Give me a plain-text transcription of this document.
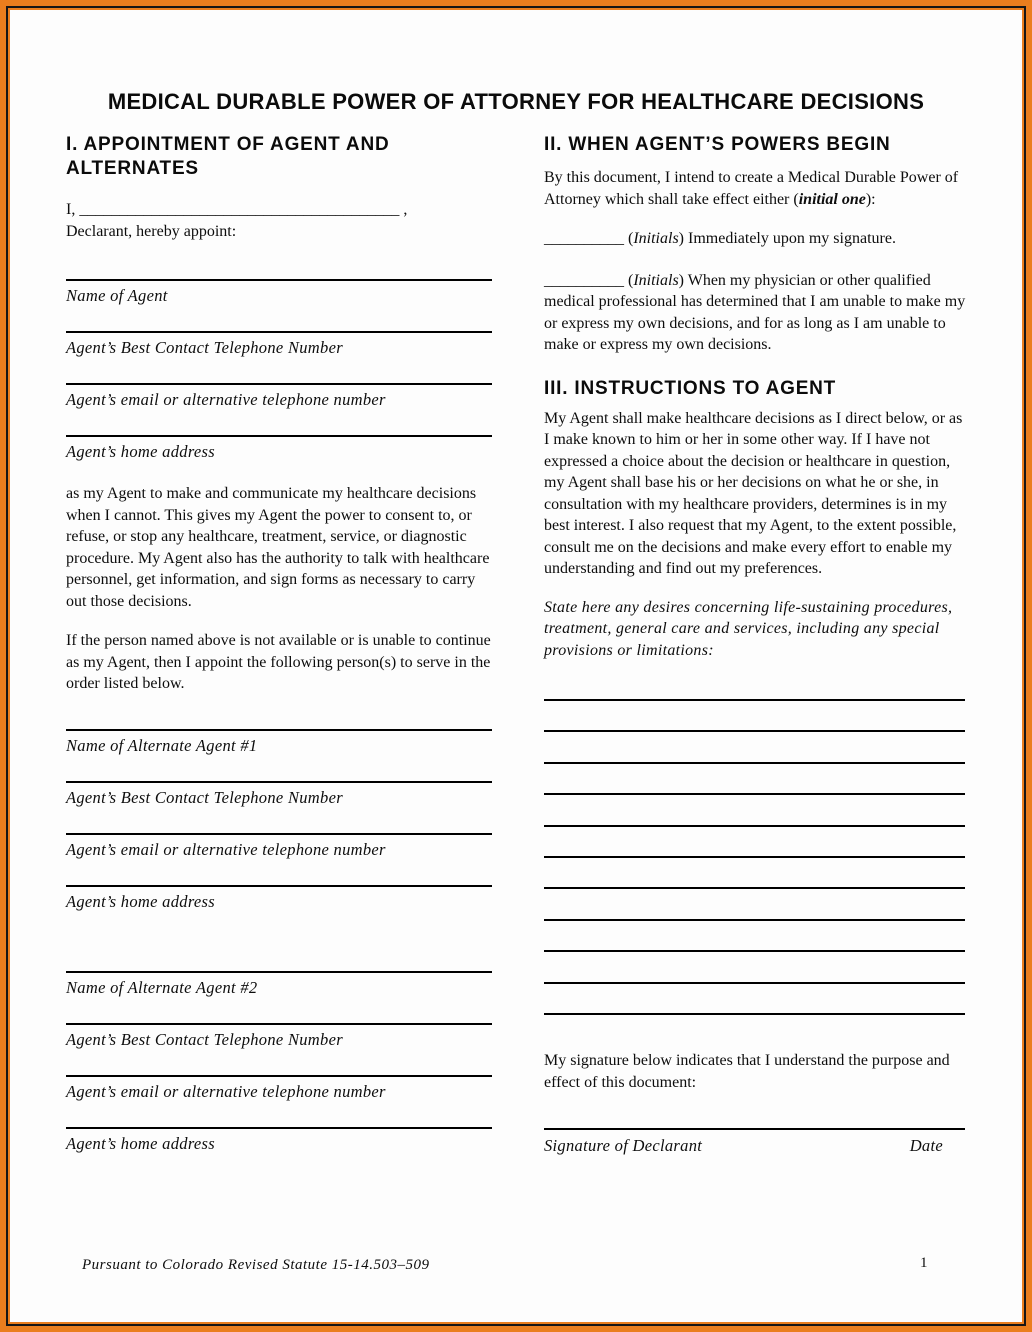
MEDICAL DURABLE POWER OF ATTORNEY FOR HEALTHCARE DECISIONS
I. APPOINTMENT OF AGENT AND ALTERNATES

I, ________________________________________ ,
Declarant, hereby appoint:

Name of Agent
Agent’s Best Contact Telephone Number
Agent’s email or alternative telephone number
Agent’s home address

as my Agent to make and communicate my healthcare decisions when I cannot. This gives my Agent the power to consent to, or refuse, or stop any healthcare, treatment, service, or diagnostic procedure. My Agent also has the authority to talk with healthcare personnel, get information, and sign forms as necessary to carry out those decisions.

If the person named above is not available or is unable to continue as my Agent, then I appoint the following person(s) to serve in the order listed below.

Name of Alternate Agent #1
Agent’s Best Contact Telephone Number
Agent’s email or alternative telephone number
Agent’s home address
Name of Alternate Agent #2
Agent’s Best Contact Telephone Number
Agent’s email or alternative telephone number
Agent’s home address
II. WHEN AGENT’S POWERS BEGIN

By this document, I intend to create a Medical Durable Power of Attorney which shall take effect either (initial one):

__________ (Initials) Immediately upon my signature.

__________ (Initials) When my physician or other qualified medical professional has determined that I am unable to make my or express my own decisions, and for as long as I am unable to make or express my own decisions.

III. INSTRUCTIONS TO AGENT

My Agent shall make healthcare decisions as I direct below, or as I make known to him or her in some other way. If I have not expressed a choice about the decision or healthcare in question, my Agent shall base his or her decisions on what he or she, in consultation with my healthcare providers, determines is in my best interest. I also request that my Agent, to the extent possible, consult me on the decisions and make every effort to enable my understanding and find out my preferences.

State here any desires concerning life-sustaining procedures, treatment, general care and services, including any special provisions or limitations:

My signature below indicates that I understand the purpose and effect of this document:

Signature of Declarant	Date
Pursuant to Colorado Revised Statute 15-14.503–509	1
